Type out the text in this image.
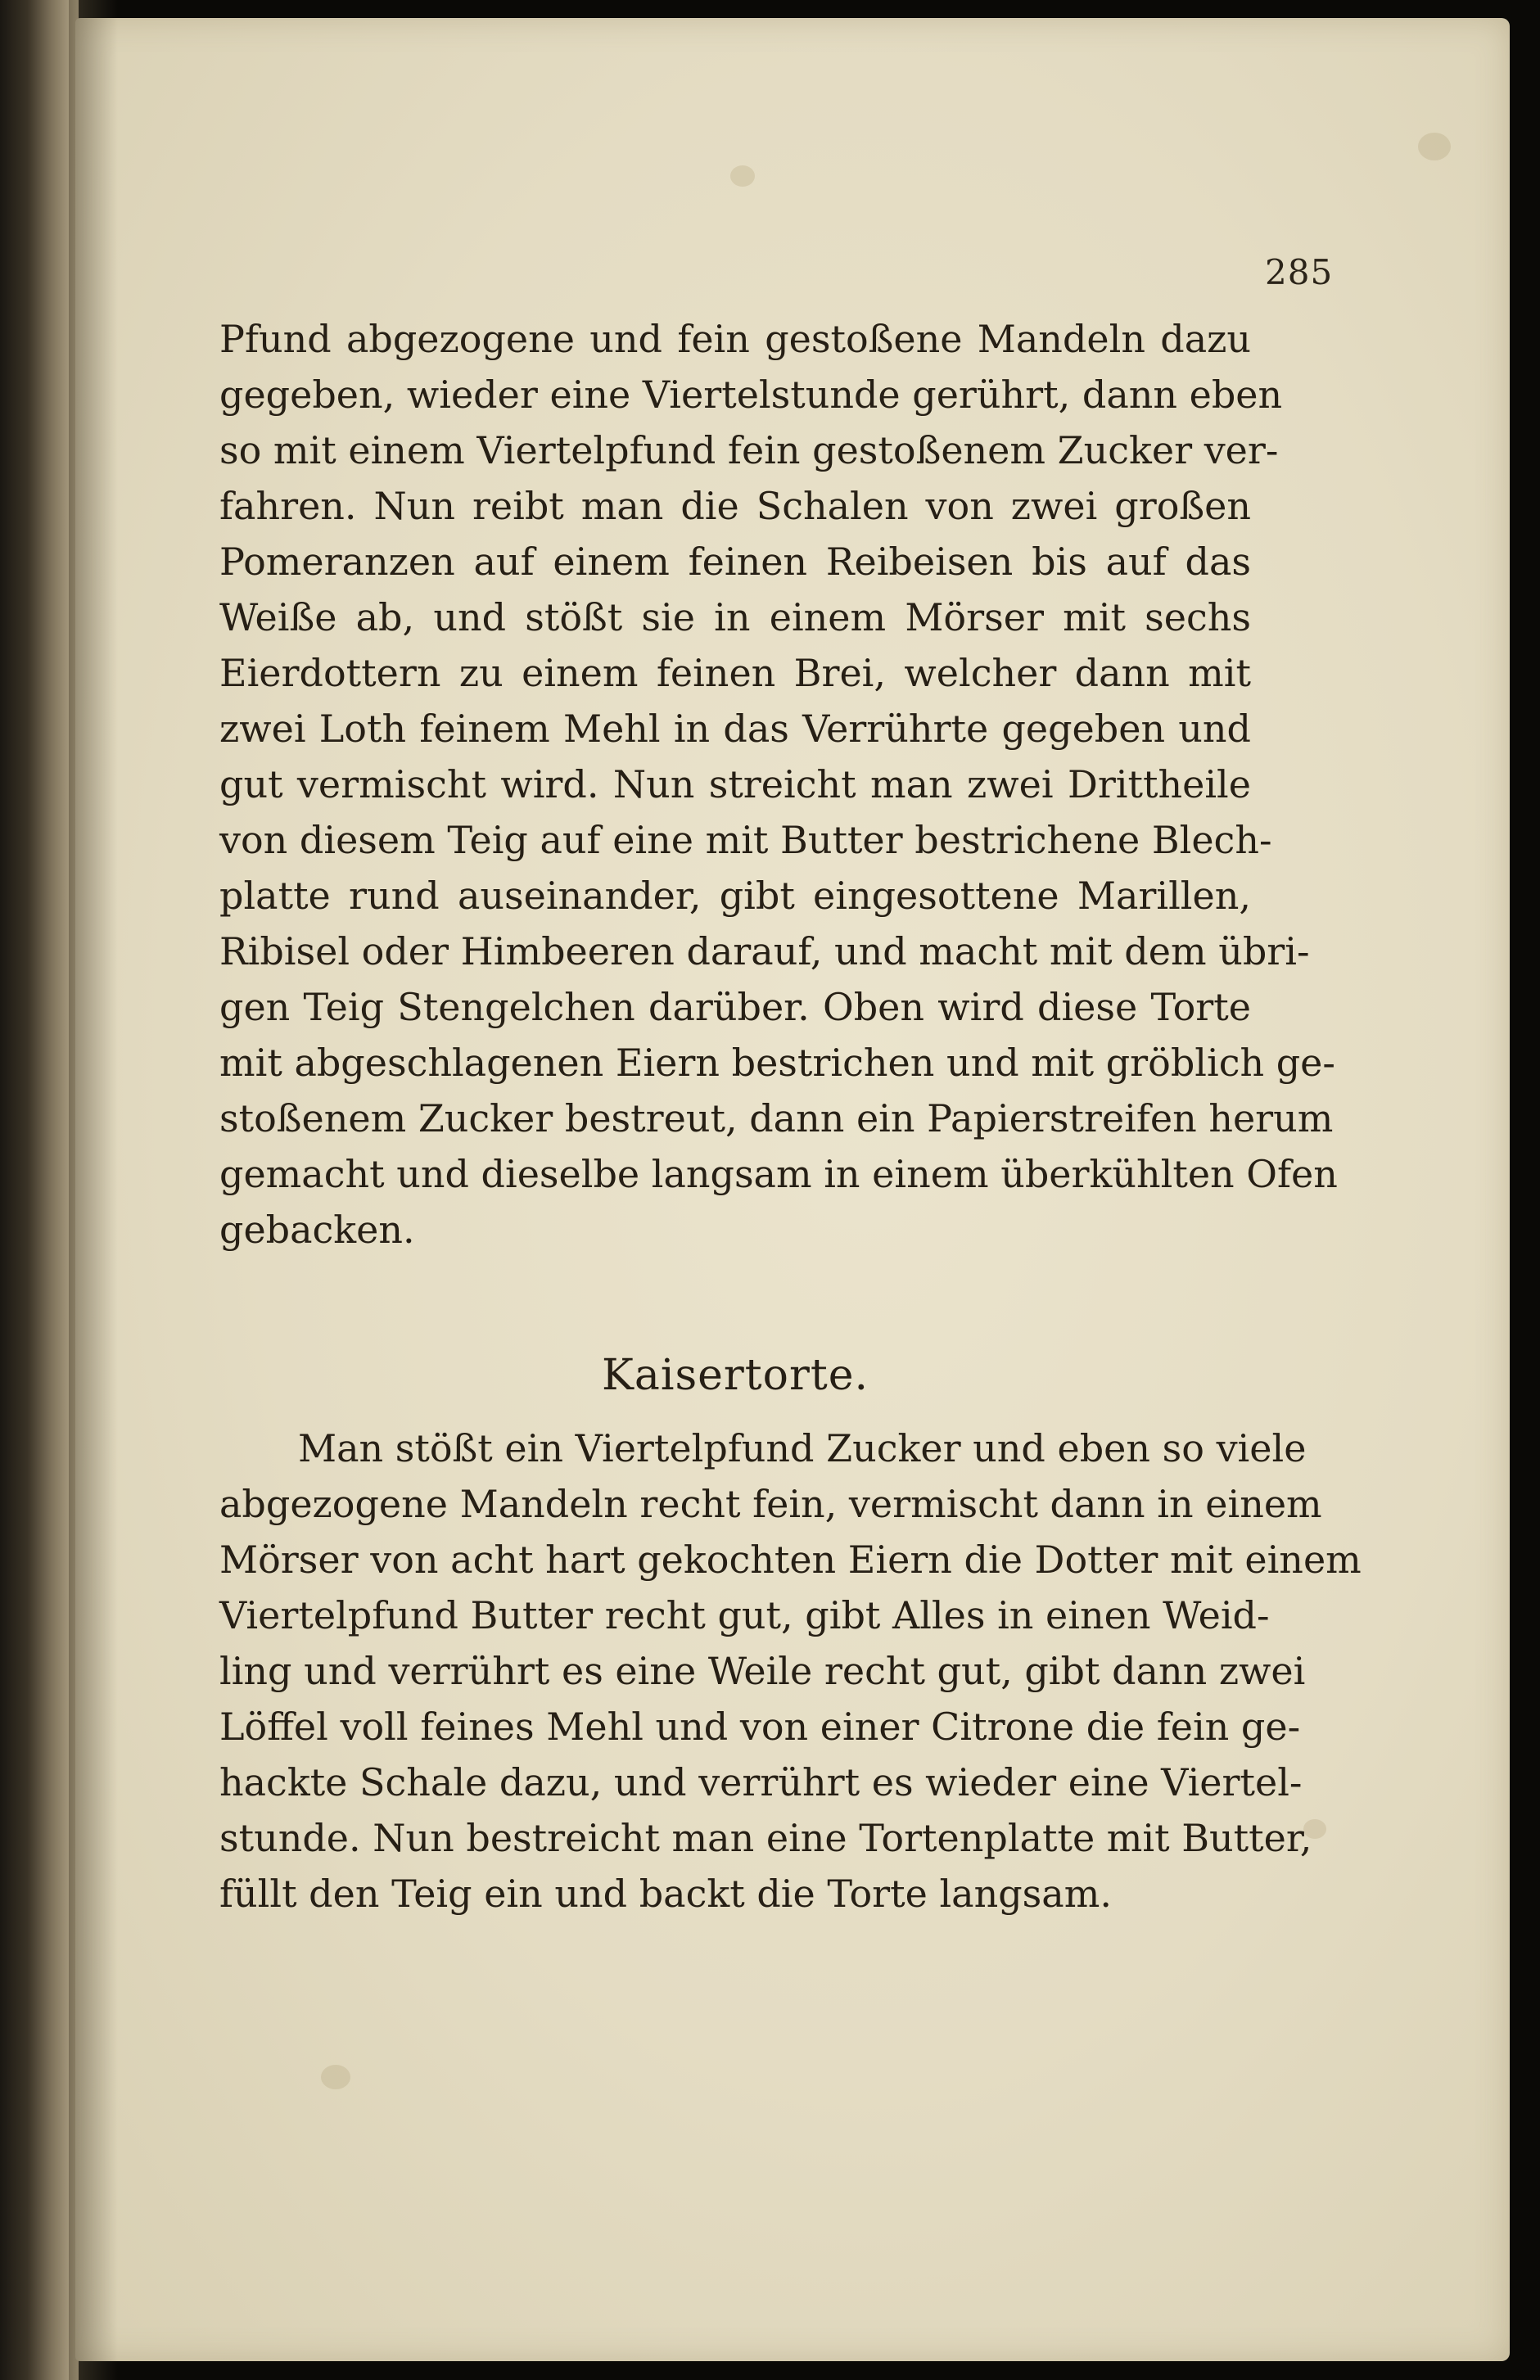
285
Pfund abgezogene und fein gestoßene Mandeln dazu
gegeben, wieder eine Viertelstunde gerührt, dann eben
so mit einem Viertelpfund fein gestoßenem Zucker ver-
fahren. Nun reibt man die Schalen von zwei großen
Pomeranzen auf einem feinen Reibeisen bis auf das
Weiße ab, und stößt sie in einem Mörser mit sechs
Eierdottern zu einem feinen Brei, welcher dann mit
zwei Loth feinem Mehl in das Verrührte gegeben und
gut vermischt wird. Nun streicht man zwei Drittheile
von diesem Teig auf eine mit Butter bestrichene Blech-
platte rund auseinander, gibt eingesottene Marillen,
Ribisel oder Himbeeren darauf, und macht mit dem übri-
gen Teig Stengelchen darüber. Oben wird diese Torte
mit abgeschlagenen Eiern bestrichen und mit gröblich ge-
stoßenem Zucker bestreut, dann ein Papierstreifen herum
gemacht und dieselbe langsam in einem überkühlten Ofen
gebacken.
Kaisertorte.
Man stößt ein Viertelpfund Zucker und eben so viele
abgezogene Mandeln recht fein, vermischt dann in einem
Mörser von acht hart gekochten Eiern die Dotter mit einem
Viertelpfund Butter recht gut, gibt Alles in einen Weid-
ling und verrührt es eine Weile recht gut, gibt dann zwei
Löffel voll feines Mehl und von einer Citrone die fein ge-
hackte Schale dazu, und verrührt es wieder eine Viertel-
stunde. Nun bestreicht man eine Tortenplatte mit Butter,
füllt den Teig ein und backt die Torte langsam.
